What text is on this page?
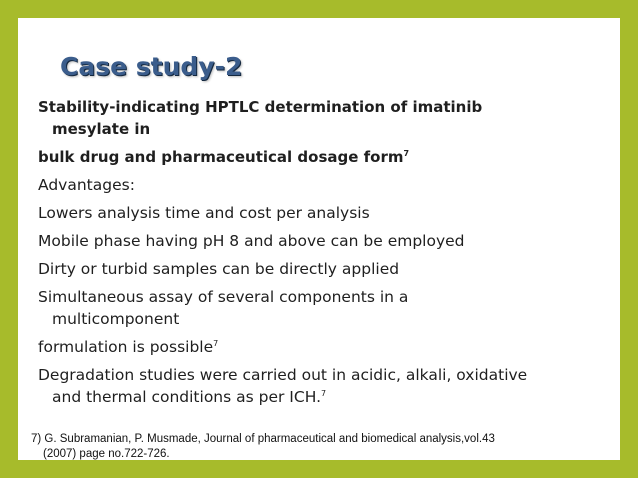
Case study-2

Stability-indicating HPTLC determination of imatinib

mesylate in

bulk drug and pharmaceutical dosage form$^7$

Advantages:

Lowers analysis time and cost per analysis

Mobile phase having pH 8 and above can be employed

Dirty or turbid samples can be directly applied

Simultaneous assay of several components in a

multicomponent

formulation is possible$^7$

Degradation studies were carried out in acidic, alkali, oxidative

and thermal conditions as per ICH.$^7$

7) G. Subramanian, P. Musmade, Journal of pharmaceutical and biomedical analysis,vol.43
(2007) page no.722-726.
